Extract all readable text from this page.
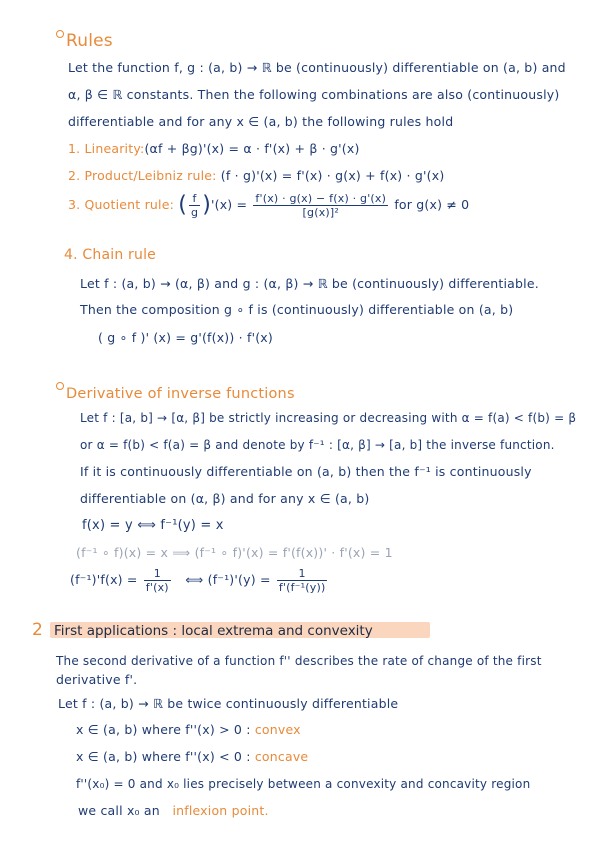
Rules
Let the function f, g : (a, b) → ℝ be (continuously) differentiable on (a, b) and
α, β ∈ ℝ constants. Then the following combinations are also (continuously)
differentiable and for any x ∈ (a, b) the following rules hold
1. Linearity:(αf + βg)'(x) = α · f'(x) + β · g'(x)
2. Product/Leibniz rule: (f · g)'(x) = f'(x) · g(x) + f(x) · g'(x)
3. Quotient rule: ( $\frac{f}{g} )'(x) = \frac{f'(x) \cdot g(x) - f(x) \cdot g'(x)}{\text{[g(x)]²}}$ for g(x) ≠ 0
4. Chain rule
Let f : (a, b) → (α, β) and g : (α, β) → ℝ be (continuously) differentiable.
Then the composition g ∘ f is (continuously) differentiable on (a, b)
( g ∘ f )' (x) = g'(f(x)) · f'(x)
Derivative of inverse functions
Let f : [a, b] → [α, β] be strictly increasing or decreasing with α = f(a) < f(b) = β
or α = f(b) < f(a) = β and denote by f⁻¹ : [α, β] → [a, b] the inverse function.
If it is continuously differentiable on (a, b) then the f⁻¹ is continuously
differentiable on (α, β) and for any x ∈ (a, b)
f(x) = y ⟺ f⁻¹(y) = x
(f⁻¹ ∘ f)(x) = x ⟹ (f⁻¹ ∘ f)'(x) = f'(f(x))' · f'(x) = 1
$(f^{-1})'f(x) = \frac{1}{f'(x)}$ ⟺ $(f^{-1})'(y) = \frac{1}{\text{f'(f⁻¹(y))}}$
2 First applications : local extrema and convexity
The second derivative of a function f'' describes the rate of change of the first
derivative f'.
Let f : (a, b) → ℝ be twice continuously differentiable
x ∈ (a, b) where f''(x) > 0 : convex
x ∈ (a, b) where f''(x) < 0 : concave
f''(x₀) = 0 and x₀ lies precisely between a convexity and concavity region
we call x₀ an inflexion point.
